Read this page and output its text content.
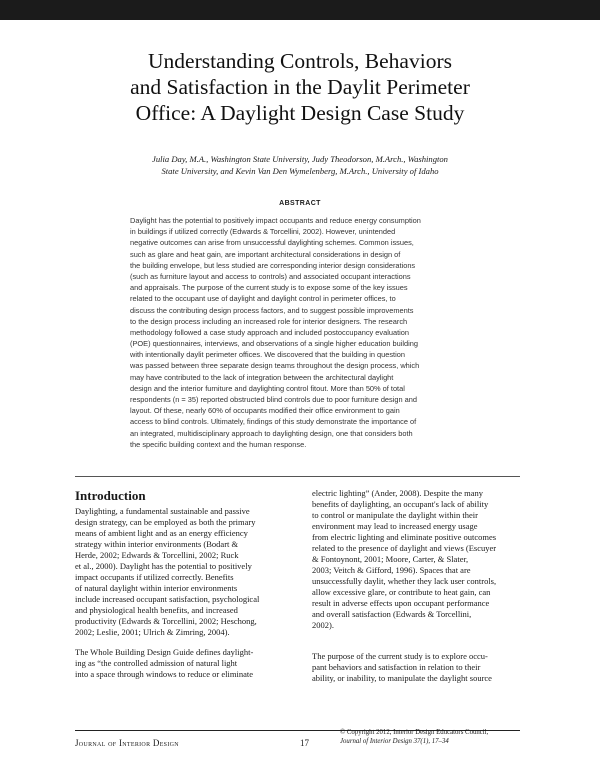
Understanding Controls, Behaviors
and Satisfaction in the Daylit Perimeter
Office: A Daylight Design Case Study
Julia Day, M.A., Washington State University, Judy Theodorson, M.Arch., Washington
State University, and Kevin Van Den Wymelenberg, M.Arch., University of Idaho
ABSTRACT
Daylight has the potential to positively impact occupants and reduce energy consumption
in buildings if utilized correctly (Edwards & Torcellini, 2002). However, unintended
negative outcomes can arise from unsuccessful daylighting schemes. Common issues,
such as glare and heat gain, are important architectural considerations in design of
the building envelope, but less studied are corresponding interior design considerations
(such as furniture layout and access to controls) and associated occupant interactions
and appraisals. The purpose of the current study is to expose some of the key issues
related to the occupant use of daylight and daylight control in perimeter offices, to
discuss the contributing design process factors, and to suggest possible improvements
to the design process including an increased role for interior designers. The research
methodology followed a case study approach and included postoccupancy evaluation
(POE) questionnaires, interviews, and observations of a single higher education building
with intentionally daylit perimeter offices. We discovered that the building in question
was passed between three separate design teams throughout the design process, which
may have contributed to the lack of integration between the architectural daylight
design and the interior furniture and daylighting control fitout. More than 50% of total
respondents (n = 35) reported obstructed blind controls due to poor furniture design and
layout. Of these, nearly 60% of occupants modified their office environment to gain
access to blind controls. Ultimately, findings of this study demonstrate the importance of
an integrated, multidisciplinary approach to daylighting design, one that considers both
the specific building context and the human response.
Introduction
Daylighting, a fundamental sustainable and passive
design strategy, can be employed as both the primary
means of ambient light and as an energy efficiency
strategy within interior environments (Bodart &
Herde, 2002; Edwards & Torcellini, 2002; Ruck
et al., 2000). Daylight has the potential to positively
impact occupants if utilized correctly. Benefits
of natural daylight within interior environments
include increased occupant satisfaction, psychological
and physiological health benefits, and increased
productivity (Edwards & Torcellini, 2002; Heschong,
2002; Leslie, 2001; Ulrich & Zimring, 2004).
The Whole Building Design Guide defines daylight-
ing as “the controlled admission of natural light
into a space through windows to reduce or eliminate
electric lighting” (Ander, 2008). Despite the many
benefits of daylighting, an occupant's lack of ability
to control or manipulate the daylight within their
environment may lead to increased energy usage
from electric lighting and eliminate positive outcomes
related to the presence of daylight and views (Escuyer
& Fontoynont, 2001; Moore, Carter, & Slater,
2003; Veitch & Gifford, 1996). Spaces that are
unsuccessfully daylit, whether they lack user controls,
allow excessive glare, or contribute to heat gain, can
result in adverse effects upon occupant performance
and overall satisfaction (Edwards & Torcellini,
2002).
The purpose of the current study is to explore occu-
pant behaviors and satisfaction in relation to their
ability, or inability, to manipulate the daylight source
Journal of Interior Design	17
© Copyright 2012, Interior Design Educators Council,
Journal of Interior Design 37(1), 17–34
